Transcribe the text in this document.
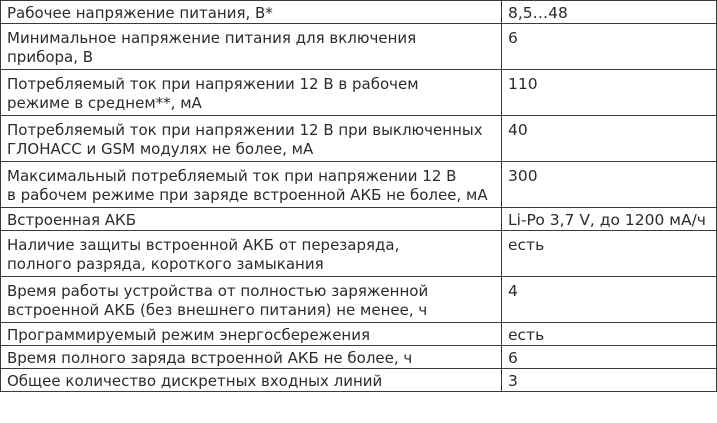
Рабочее напряжение питания, В*	8,5…48
Минимальное напряжение питания для включения
прибора, В	6
Потребляемый ток при напряжении 12 В в рабочем
режиме в среднем**, мА	110
Потребляемый ток при напряжении 12 В при выключенных
ГЛОНАСС и GSM модулях не более, мА	40
Максимальный потребляемый ток при напряжении 12 В
в рабочем режиме при заряде встроенной АКБ не более, мА	300
Встроенная АКБ	Li-Po 3,7 V, до 1200 мА/ч
Наличие защиты встроенной АКБ от перезаряда,
полного разряда, короткого замыкания	есть
Время работы устройства от полностью заряженной
встроенной АКБ (без внешнего питания) не менее, ч	4
Программируемый режим энергосбережения	есть
Время полного заряда встроенной АКБ не более, ч	6
Общее количество дискретных входных линий	3
